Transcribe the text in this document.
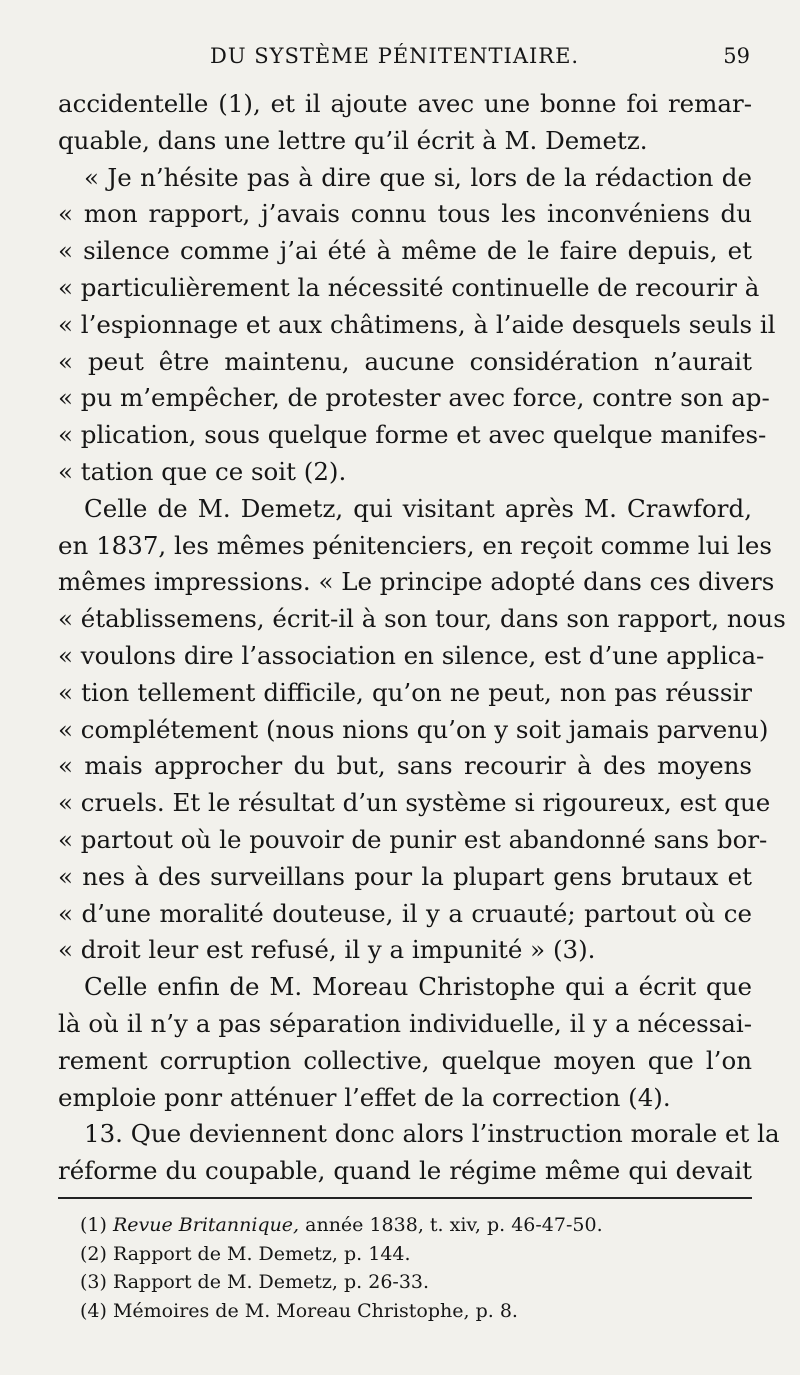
DU SYSTÈME PÉNITENTIAIRE.	59
accidentelle (1), et il ajoute avec une bonne foi remar-
quable, dans une lettre qu’il écrit à M. Demetz.
« Je n’hésite pas à dire que si, lors de la rédaction de
« mon rapport, j’avais connu tous les inconvéniens du
« silence comme j’ai été à même de le faire depuis, et
« particulièrement la nécessité continuelle de recourir à
« l’espionnage et aux châtimens, à l’aide desquels seuls il
« peut être maintenu, aucune considération n’aurait
« pu m’empêcher, de protester avec force, contre son ap-
« plication, sous quelque forme et avec quelque manifes-
« tation que ce soit (2).
Celle de M. Demetz, qui visitant après M. Crawford,
en 1837, les mêmes pénitenciers, en reçoit comme lui les
mêmes impressions. « Le principe adopté dans ces divers
« établissemens, écrit-il à son tour, dans son rapport, nous
« voulons dire l’association en silence, est d’une applica-
« tion tellement difficile, qu’on ne peut, non pas réussir
« complétement (nous nions qu’on y soit jamais parvenu)
« mais approcher du but, sans recourir à des moyens
« cruels. Et le résultat d’un système si rigoureux, est que
« partout où le pouvoir de punir est abandonné sans bor-
« nes à des surveillans pour la plupart gens brutaux et
« d’une moralité douteuse, il y a cruauté; partout où ce
« droit leur est refusé, il y a impunité » (3).
Celle enfin de M. Moreau Christophe qui a écrit que
là où il n’y a pas séparation individuelle, il y a nécessai-
rement corruption collective, quelque moyen que l’on
emploie ponr atténuer l’effet de la correction (4).
13. Que deviennent donc alors l’instruction morale et la
réforme du coupable, quand le régime même qui devait
(1) Revue Britannique, année 1838, t. xiv, p. 46-47-50.
(2) Rapport de M. Demetz, p. 144.
(3) Rapport de M. Demetz, p. 26-33.
(4) Mémoires de M. Moreau Christophe, p. 8.
